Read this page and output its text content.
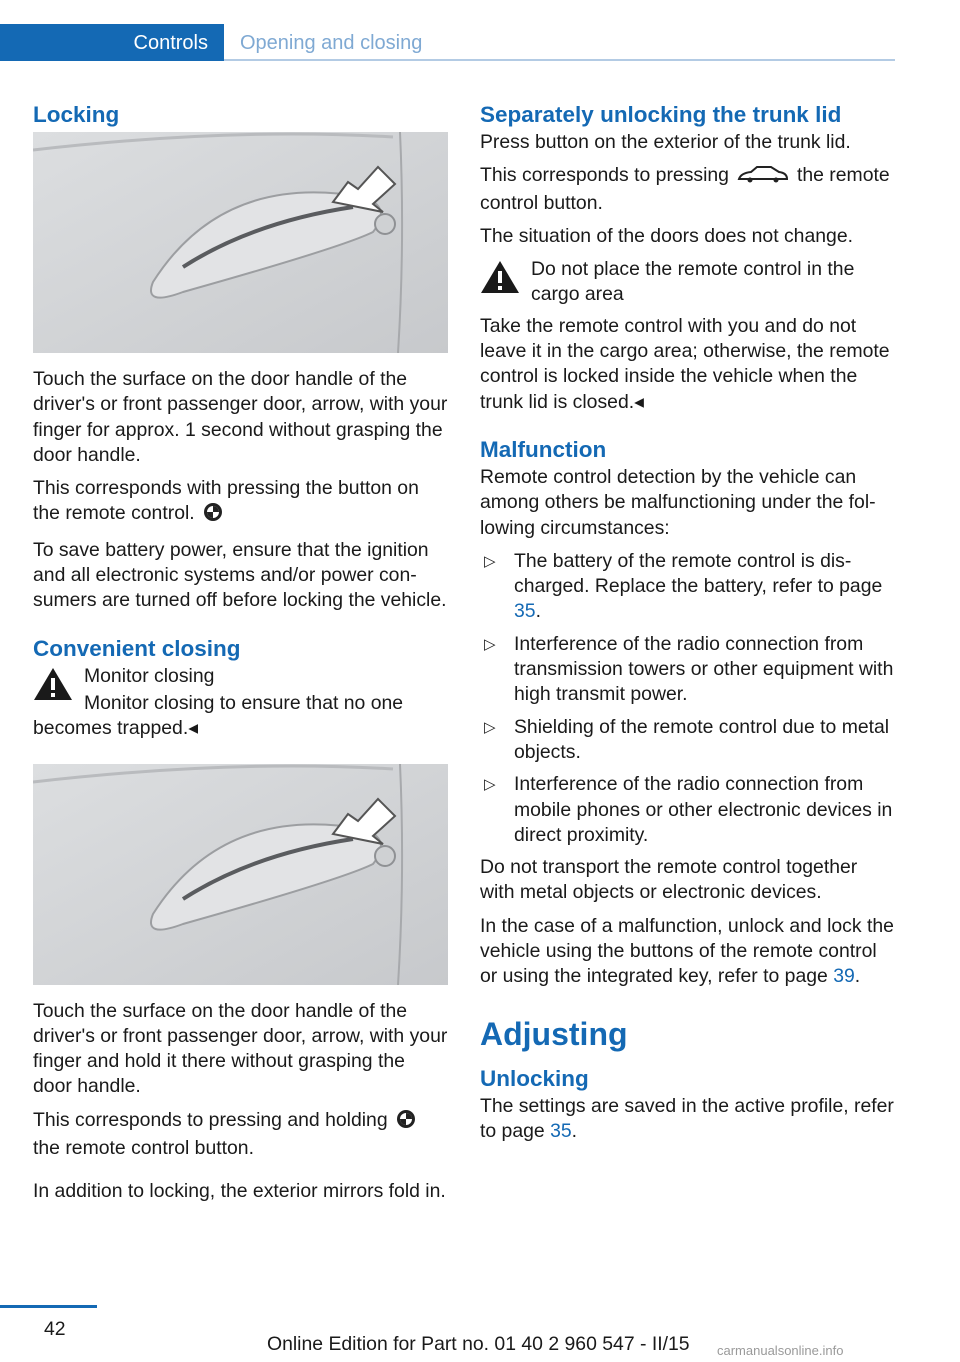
Controls Opening and closing
Locking

Touch the surface on the door handle of the driver's or front passenger door, arrow, with your finger for approx. 1 second without grasping the door handle.

This corresponds with pressing the button on the remote control.

To save battery power, ensure that the ignition and all electronic systems and/or power consumers are turned off before locking the vehicle.

Convenient closing

Monitor closing

Monitor closing to ensure that no one

becomes trapped.◂

Touch the surface on the door handle of the driver's or front passenger door, arrow, with your finger and hold it there without grasping the door handle.

This corresponds to pressing and holding
the remote control button.

In addition to locking, the exterior mirrors fold in.

Separately unlocking the trunk lid

Press button on the exterior of the trunk lid.

This corresponds to pressing	the remote control button.

The situation of the doors does not change.

Do not place the remote control in the cargo area

Take the remote control with you and do not leave it in the cargo area; otherwise, the remote control is locked inside the vehicle when the trunk lid is closed.◂

Malfunction

Remote control detection by the vehicle can among others be malfunctioning under the following circumstances:

▷ The battery of the remote control is discharged. Replace the battery, refer to page 35.
▷ Interference of the radio connection from transmission towers or other equipment with high transmit power.
▷ Shielding of the remote control due to metal objects.
▷ Interference of the radio connection from mobile phones or other electronic devices in direct proximity.

Do not transport the remote control together with metal objects or electronic devices.

In the case of a malfunction, unlock and lock the vehicle using the buttons of the remote control or using the integrated key, refer to page 39.

Adjusting
Unlocking

The settings are saved in the active profile, refer to page 35.

42
Online Edition for Part no. 01 40 2 960 547 - II/15 carmanualsonline.info
